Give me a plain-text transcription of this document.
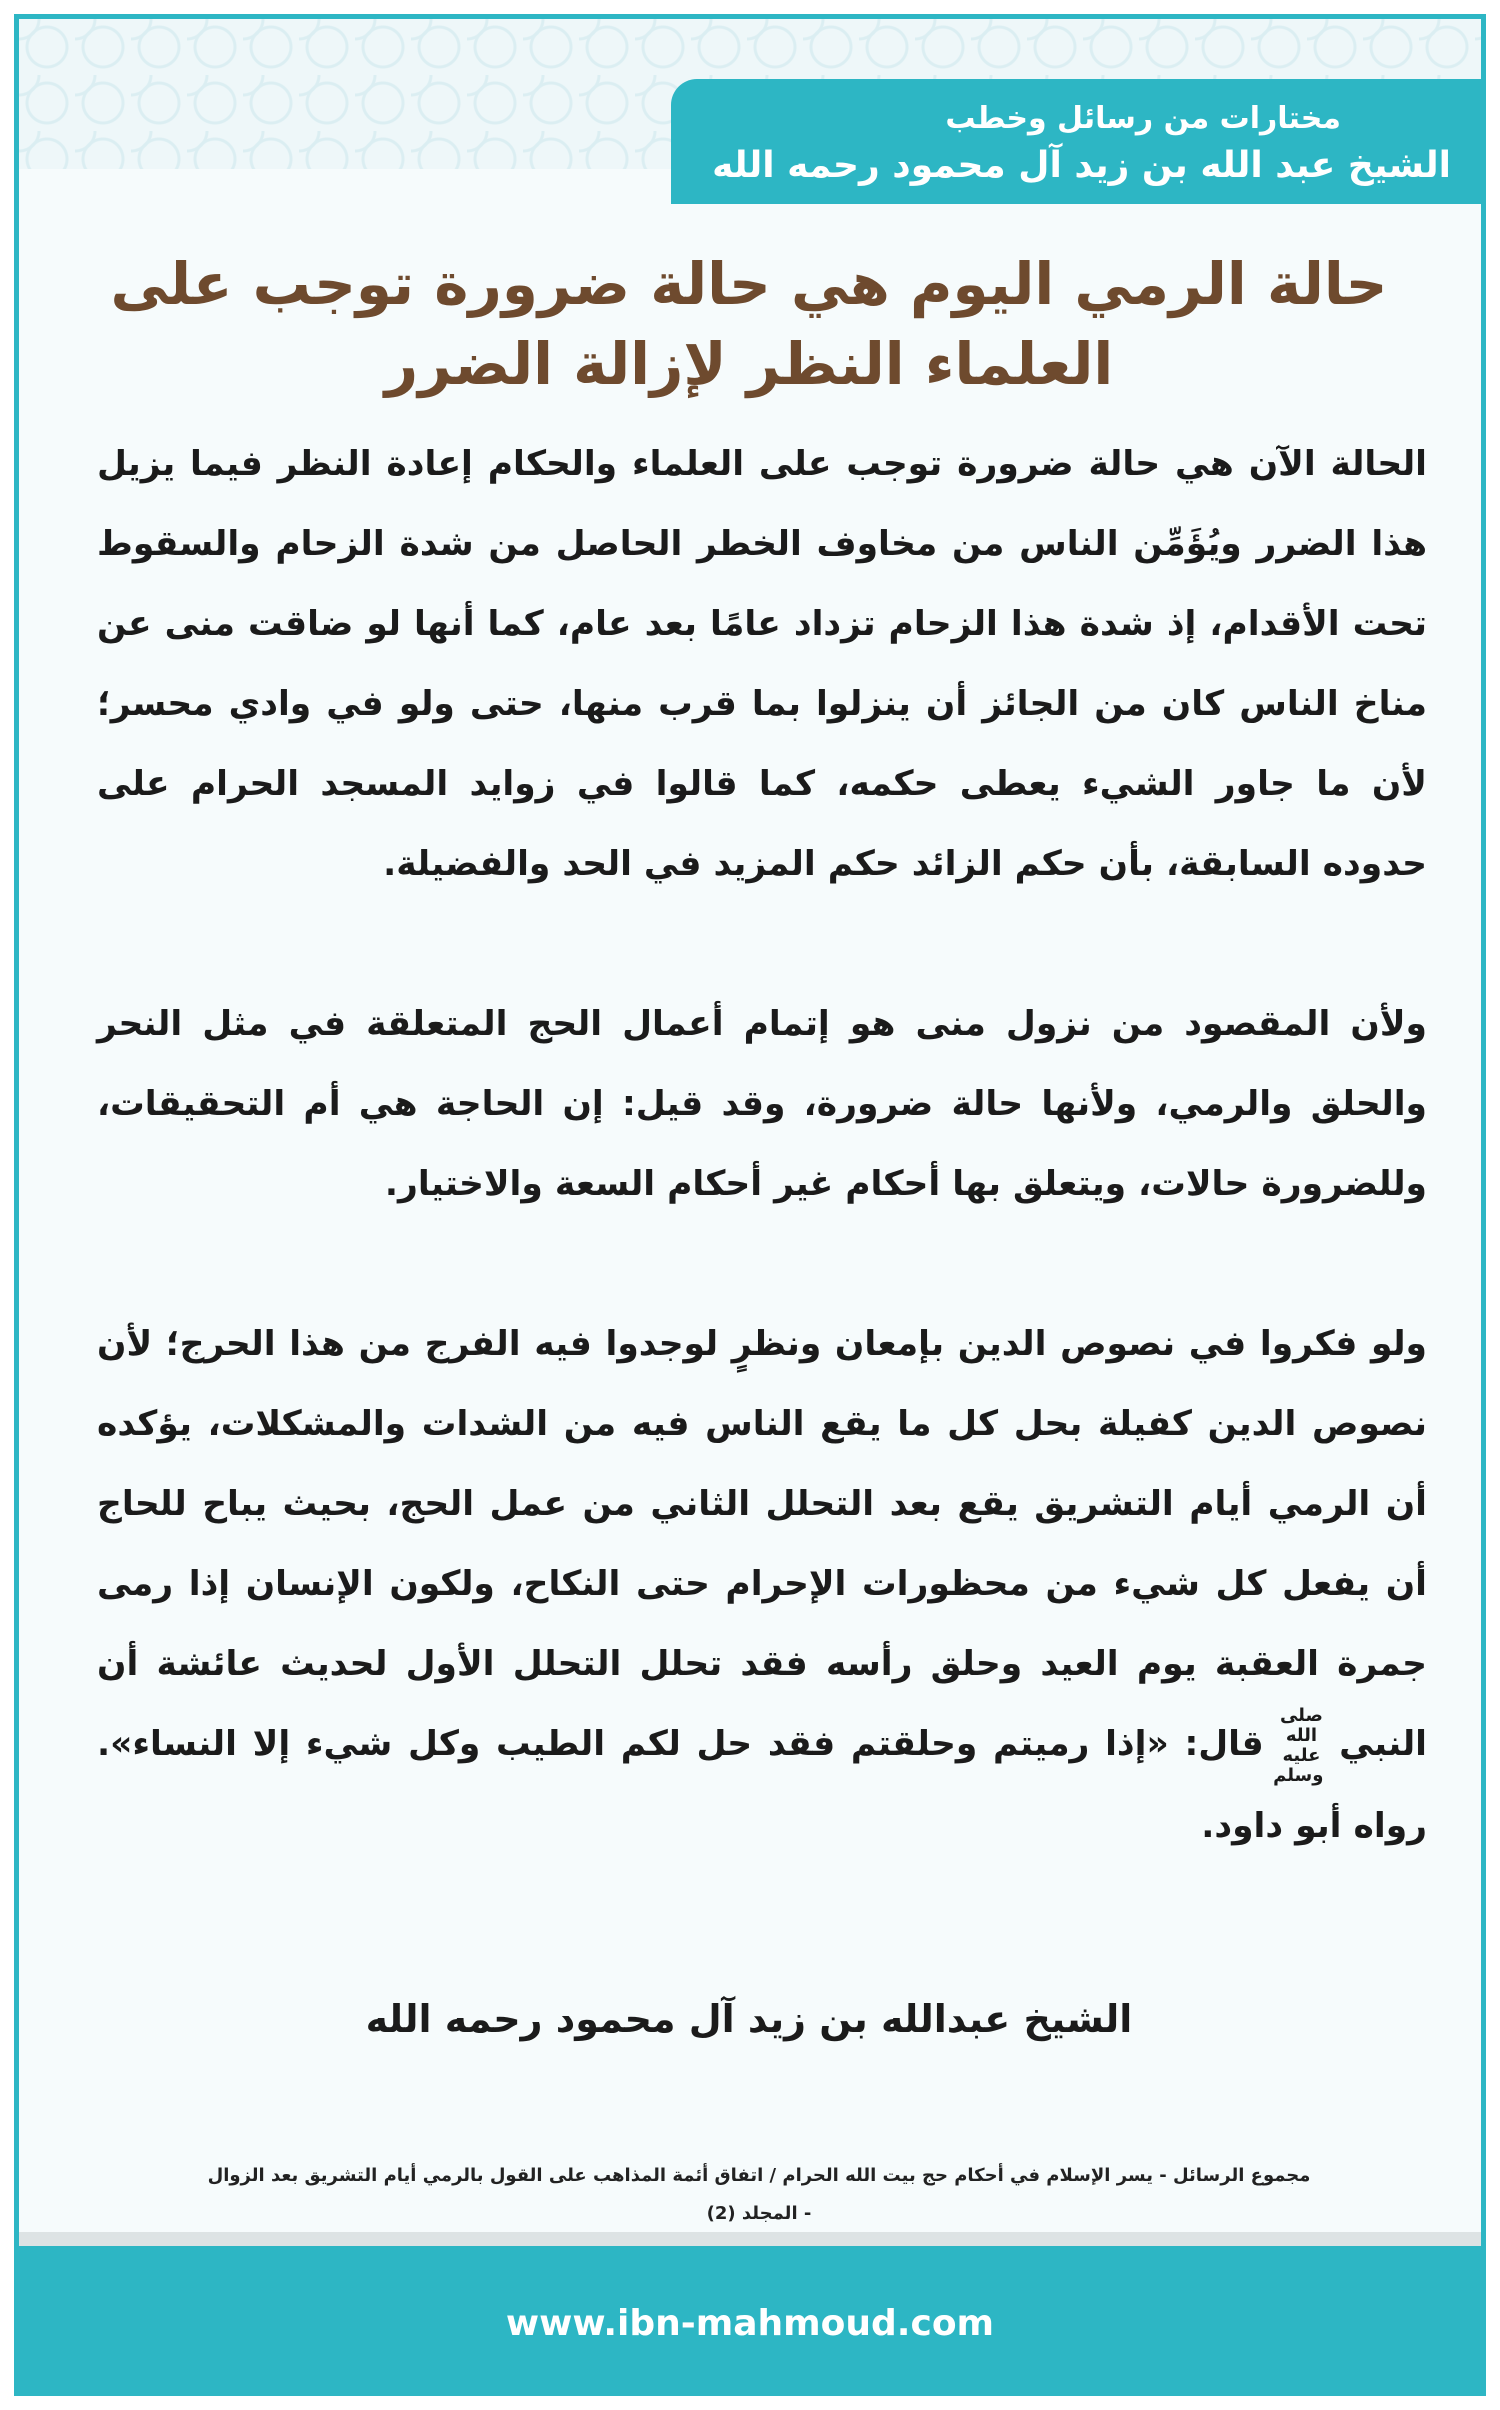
مختارات من رسائل وخطب
الشيخ عبد الله بن زيد آل محمود رحمه الله
حالة الرمي اليوم هي حالة ضرورة توجب على
العلماء النظر لإزالة الضرر

الحالة الآن هي حالة ضرورة توجب على العلماء والحكام إعادة النظر فيما يزيل هذا الضرر ويُؤَمِّن الناس من مخاوف الخطر الحاصل من شدة الزحام والسقوط تحت الأقدام، إذ شدة هذا الزحام تزداد عامًا بعد عام، كما أنها لو ضاقت منى عن مناخ الناس كان من الجائز أن ينزلوا بما قرب منها، حتى ولو في وادي محسر؛ لأن ما جاور الشيء يعطى حكمه، كما قالوا في زوايد المسجد الحرام على حدوده السابقة، بأن حكم الزائد حكم المزيد في الحد والفضيلة.

ولأن المقصود من نزول منى هو إتمام أعمال الحج المتعلقة في مثل النحر والحلق والرمي، ولأنها حالة ضرورة، وقد قيل: إن الحاجة هي أم التحقيقات، وللضرورة حالات، ويتعلق بها أحكام غير أحكام السعة والاختيار.

ولو فكروا في نصوص الدين بإمعان ونظرٍ لوجدوا فيه الفرج من هذا الحرج؛ لأن نصوص الدين كفيلة بحل كل ما يقع الناس فيه من الشدات والمشكلات، يؤكده أن الرمي أيام التشريق يقع بعد التحلل الثاني من عمل الحج، بحيث يباح للحاج أن يفعل كل شيء من محظورات الإحرام حتى النكاح، ولكون الإنسان إذا رمى جمرة العقبة يوم العيد وحلق رأسه فقد تحلل التحلل الأول لحديث عائشة أن النبي صلى الله عليه وسلم قال: «إذا رميتم وحلقتم فقد حل لكم الطيب وكل شيء إلا النساء». رواه أبو داود.

الشيخ عبدالله بن زيد آل محمود رحمه الله
مجموع الرسائل - يسر الإسلام في أحكام حج بيت الله الحرام / اتفاق أئمة المذاهب على القول بالرمي أيام التشريق بعد الزوال
- المجلد (2)
www.ibn-mahmoud.com
